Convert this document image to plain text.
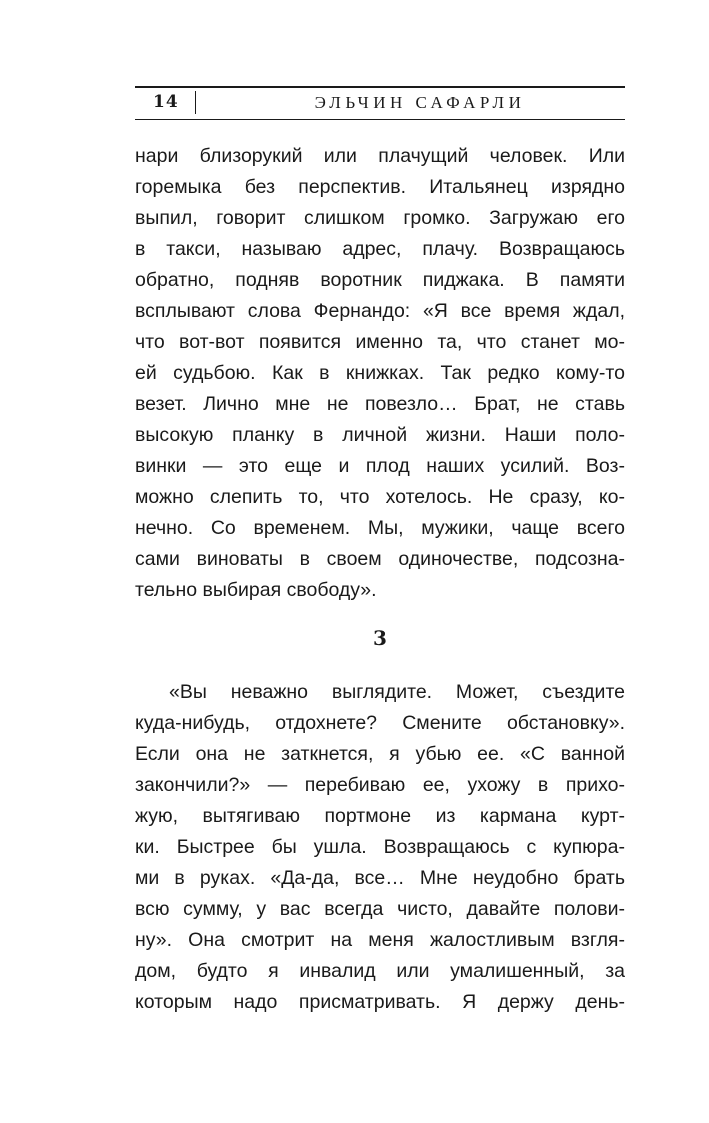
14	ЭЛЬЧИН САФАРЛИ
нари близорукий или плачущий человек. Или
горемыка без перспектив. Итальянец изрядно
выпил, говорит слишком громко. Загружаю его
в такси, называю адрес, плачу. Возвращаюсь
обратно, подняв воротник пиджака. В памяти
всплывают слова Фернандо: «Я все время ждал,
что вот-вот появится именно та, что станет мо-
ей судьбою. Как в книжках. Так редко кому-то
везет. Лично мне не повезло… Брат, не ставь
высокую планку в личной жизни. Наши поло-
винки — это еще и плод наших усилий. Воз-
можно слепить то, что хотелось. Не сразу, ко-
нечно. Со временем. Мы, мужики, чаще всего
сами виноваты в своем одиночестве, подсозна-
тельно выбирая свободу».
3
«Вы неважно выглядите. Может, съездите
куда-нибудь, отдохнете? Смените обстановку».
Если она не заткнется, я убью ее. «С ванной
закончили?» — перебиваю ее, ухожу в прихо-
жую, вытягиваю портмоне из кармана курт-
ки. Быстрее бы ушла. Возвращаюсь с купюра-
ми в руках. «Да-да, все… Мне неудобно брать
всю сумму, у вас всегда чисто, давайте полови-
ну». Она смотрит на меня жалостливым взгля-
дом, будто я инвалид или умалишенный, за
которым надо присматривать. Я держу день-
